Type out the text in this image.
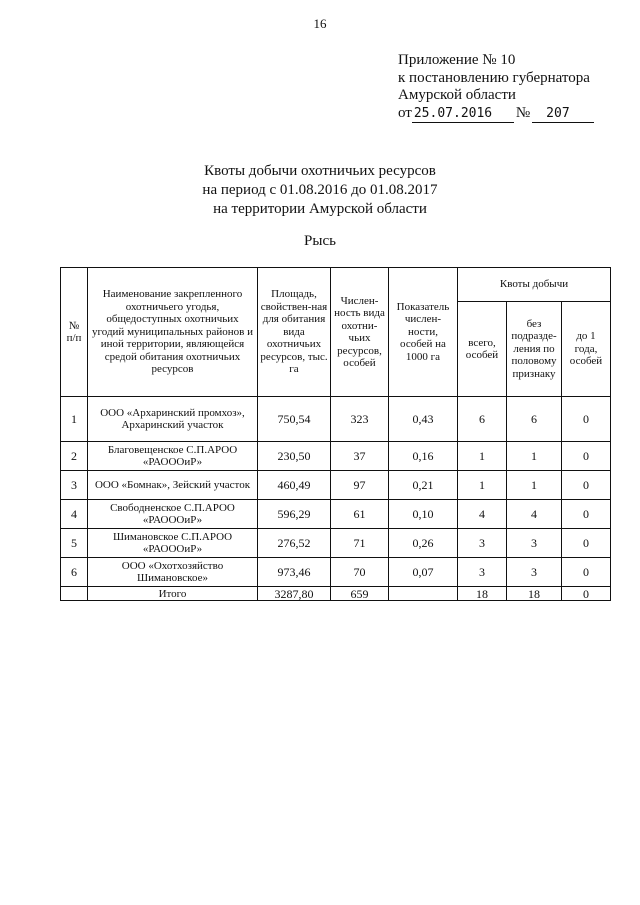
16
Приложение № 10
к постановлению губернатора
Амурской области
от 25.07.2016	№	207
Квоты добычи охотничьих ресурсов
на период с 01.08.2016 до 01.08.2017
на территории Амурской области
Рысь
№ п/п	Наименование закрепленного охотничьего угодья, общедоступных охотничьих угодий муниципальных районов и иной территории, являющейся средой обитания охотничьих ресурсов	Площадь, свойствен-ная для обитания вида охотничьих ресурсов, тыс. га	Числен-ность вида охотни-чьих ресурсов, особей	Показатель числен-ности, особей на 1000 га	Квоты добычи		
					всего, особей	без подразде-ления по половому признаку	до 1 года, особей
1	ООО «Архаринский промхоз», Архаринский участок	750,54	323	0,43	6	6	0
2	Благовещенское С.П.АРОО «РАОООиР»	230,50	37	0,16	1	1	0
3	ООО «Бомнак», Зейский участок	460,49	97	0,21	1	1	0
4	Свободненское С.П.АРОО «РАОООиР»	596,29	61	0,10	4	4	0
5	Шимановское С.П.АРОО «РАОООиР»	276,52	71	0,26	3	3	0
6	ООО «Охотхозяйство Шимановское»	973,46	70	0,07	3	3	0
	Итого	3287,80	659		18	18	0
